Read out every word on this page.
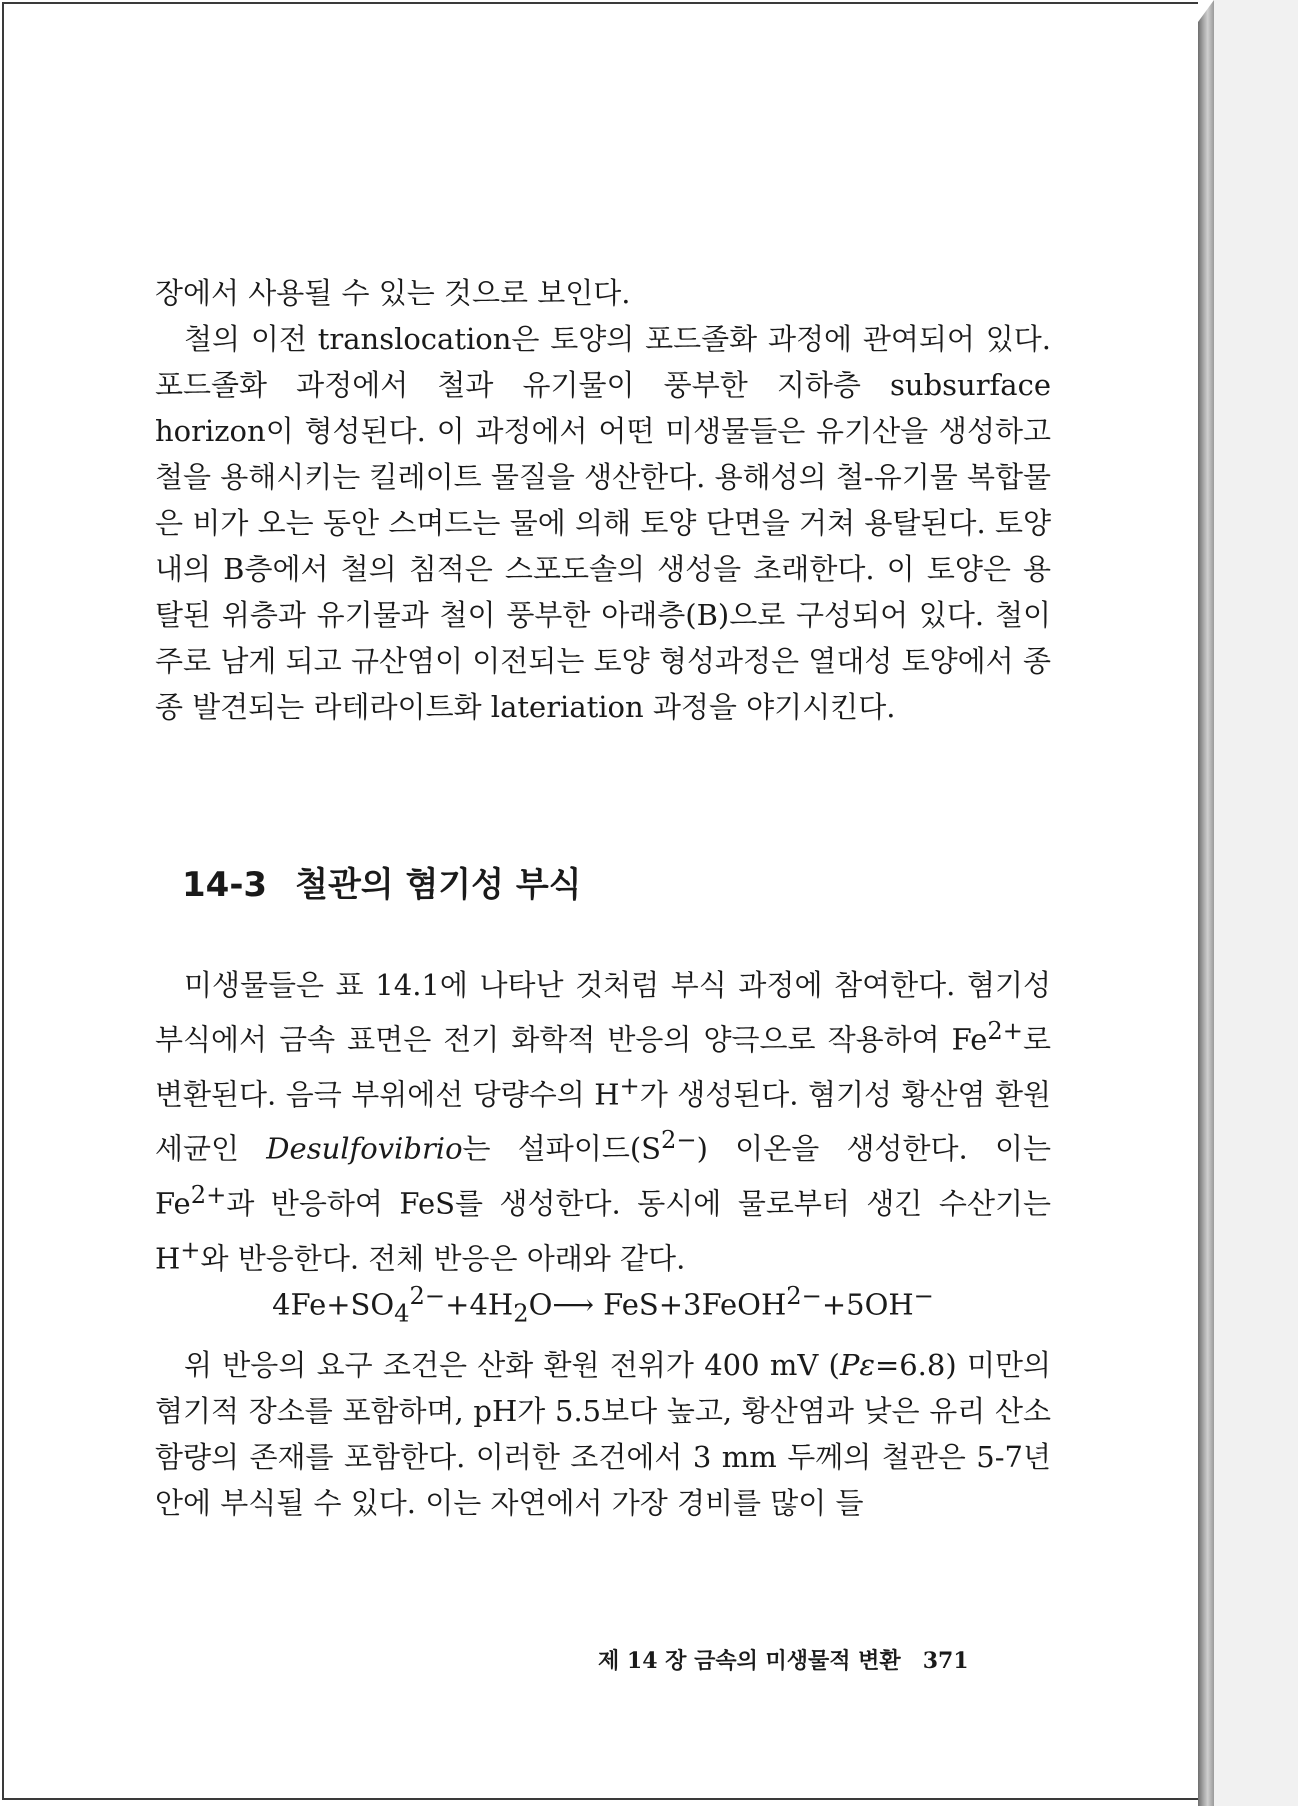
장에서 사용될 수 있는 것으로 보인다.

철의 이전 translocation은 토양의 포드졸화 과정에 관여되어 있다. 포드졸화 과정에서 철과 유기물이 풍부한 지하층 subsurface horizon이 형성된다. 이 과정에서 어떤 미생물들은 유기산을 생성하고 철을 용해시키는 킬레이트 물질을 생산한다. 용해성의 철-유기물 복합물은 비가 오는 동안 스며드는 물에 의해 토양 단면을 거쳐 용탈된다. 토양 내의 B층에서 철의 침적은 스포도솔의 생성을 초래한다. 이 토양은 용탈된 위층과 유기물과 철이 풍부한 아래층(B)으로 구성되어 있다. 철이 주로 남게 되고 규산염이 이전되는 토양 형성과정은 열대성 토양에서 종종 발견되는 라테라이트화 lateriation 과정을 야기시킨다.

14-3 철관의 혐기성 부식

미생물들은 표 14.1에 나타난 것처럼 부식 과정에 참여한다. 혐기성 부식에서 금속 표면은 전기 화학적 반응의 양극으로 작용하여 $Fe^{2+}$로 변환된다. 음극 부위에선 당량수의 H+가 생성된다. 혐기성 황산염 환원세균인 Desulfovibrio는 설파이드$(S^{2-})$ 이온을 생성한다. 이는 $Fe^{2+}$과 반응하여 FeS를 생성한다. 동시에 물로부터 생긴 수산기는 H+와 반응한다. 전체 반응은 아래와 같다.

$4Fe+SO_4^{2-}+4H_2O⟶$ FeS+3FeOH$^{2-}$+5OH−

위 반응의 요구 조건은 산화 환원 전위가 400 mV (Pε=6.8) 미만의 혐기적 장소를 포함하며, pH가 5.5보다 높고, 황산염과 낮은 유리 산소 함량의 존재를 포함한다. 이러한 조건에서 3 mm 두께의 철관은 5-7년 안에 부식될 수 있다. 이는 자연에서 가장 경비를 많이 들

제 14 장 금속의 미생물적 변환 371
